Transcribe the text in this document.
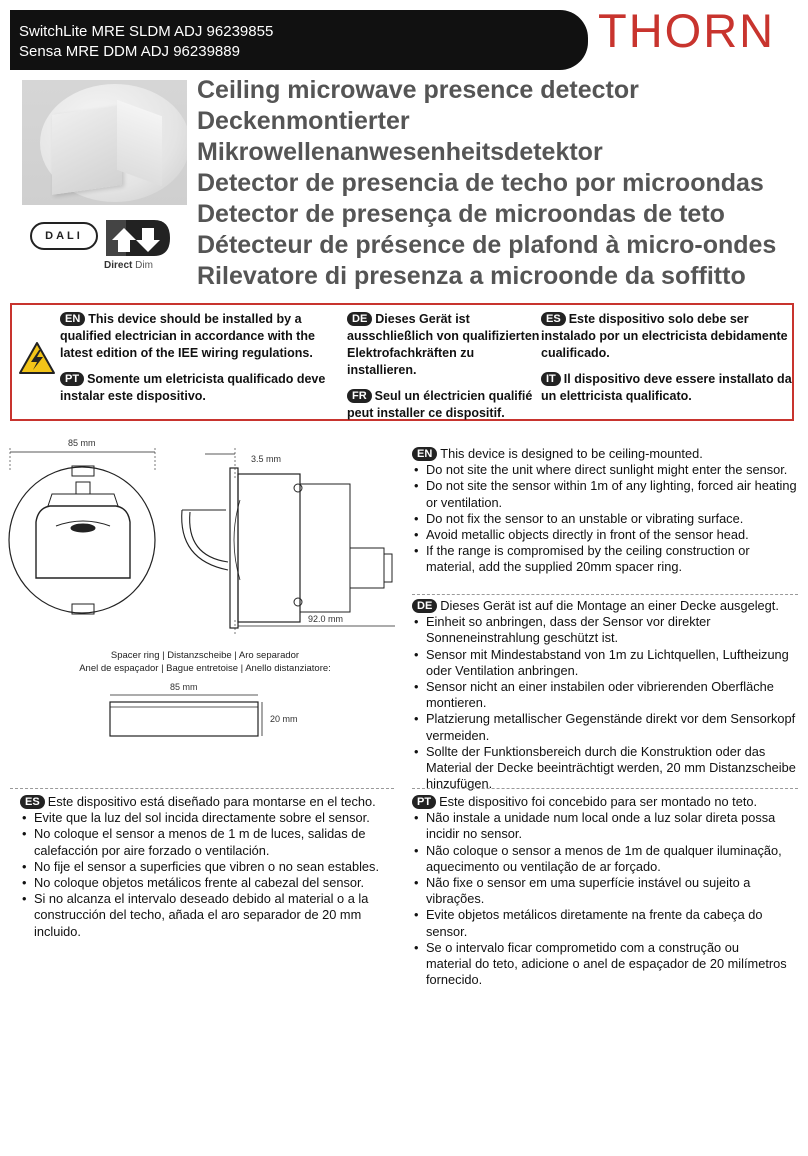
SwitchLite MRE SLDM ADJ 96239855
Sensa MRE DDM ADJ 96239889	THORN
DALI
Direct Dim
Ceiling microwave presence detector
Deckenmontierter
Mikrowellenanwesenheitsdetektor
Detector de presencia de techo por microondas
Detector de presença de microondas de teto
Détecteur de présence de plafond à micro-ondes
Rilevatore di presenza a microonde da soffitto
EN This device should be installed by a qualified electrician in accordance with the latest edition of the IEE wiring regulations.
PT Somente um eletricista qualificado deve instalar este dispositivo.
DE Dieses Gerät ist ausschließlich von qualifizierten Elektrofachkräften zu installieren.
FR Seul un électricien qualifié peut installer ce dispositif.
ES Este dispositivo solo debe ser instalado por un electricista debidamente cualificado.
IT Il dispositivo deve essere installato da un elettricista qualificato.
85 mm
3.5 mm
92.0 mm
85 mm
20 mm
Spacer ring | Distanzscheibe | Aro separador
Anel de espaçador | Bague entretoise | Anello distanziatore:
EN This device is designed to be ceiling-mounted.
• Do not site the unit where direct sunlight might enter the sensor.
• Do not site the sensor within 1m of any lighting, forced air heating or ventilation.
• Do not fix the sensor to an unstable or vibrating surface.
• Avoid metallic objects directly in front of the sensor head.
• If the range is compromised by the ceiling construction or material, add the supplied 20mm spacer ring.
DE Dieses Gerät ist auf die Montage an einer Decke ausgelegt.
• Einheit so anbringen, dass der Sensor vor direkter Sonneneinstrahlung geschützt ist.
• Sensor mit Mindestabstand von 1m zu Lichtquellen, Luftheizung oder Ventilation anbringen.
• Sensor nicht an einer instabilen oder vibrierenden Oberfläche montieren.
• Platzierung metallischer Gegenstände direkt vor dem Sensorkopf vermeiden.
• Sollte der Funktionsbereich durch die Konstruktion oder das Material der Decke beeinträchtigt werden, 20 mm Distanzscheibe hinzufügen.
ES Este dispositivo está diseñado para montarse en el techo.
• Evite que la luz del sol incida directamente sobre el sensor.
• No coloque el sensor a menos de 1 m de luces, salidas de calefacción por aire forzado o ventilación.
• No fije el sensor a superficies que vibren o no sean estables.
• No coloque objetos metálicos frente al cabezal del sensor.
• Si no alcanza el intervalo deseado debido al material o a la construcción del techo, añada el aro separador de 20 mm incluido.
PT Este dispositivo foi concebido para ser montado no teto.
• Não instale a unidade num local onde a luz solar direta possa incidir no sensor.
• Não coloque o sensor a menos de 1m de qualquer iluminação, aquecimento ou ventilação de ar forçado.
• Não fixe o sensor em uma superfície instável ou sujeito a vibrações.
• Evite objetos metálicos diretamente na frente da cabeça do sensor.
• Se o intervalo ficar comprometido com a construção ou material do teto, adicione o anel de espaçador de 20 milímetros fornecido.
